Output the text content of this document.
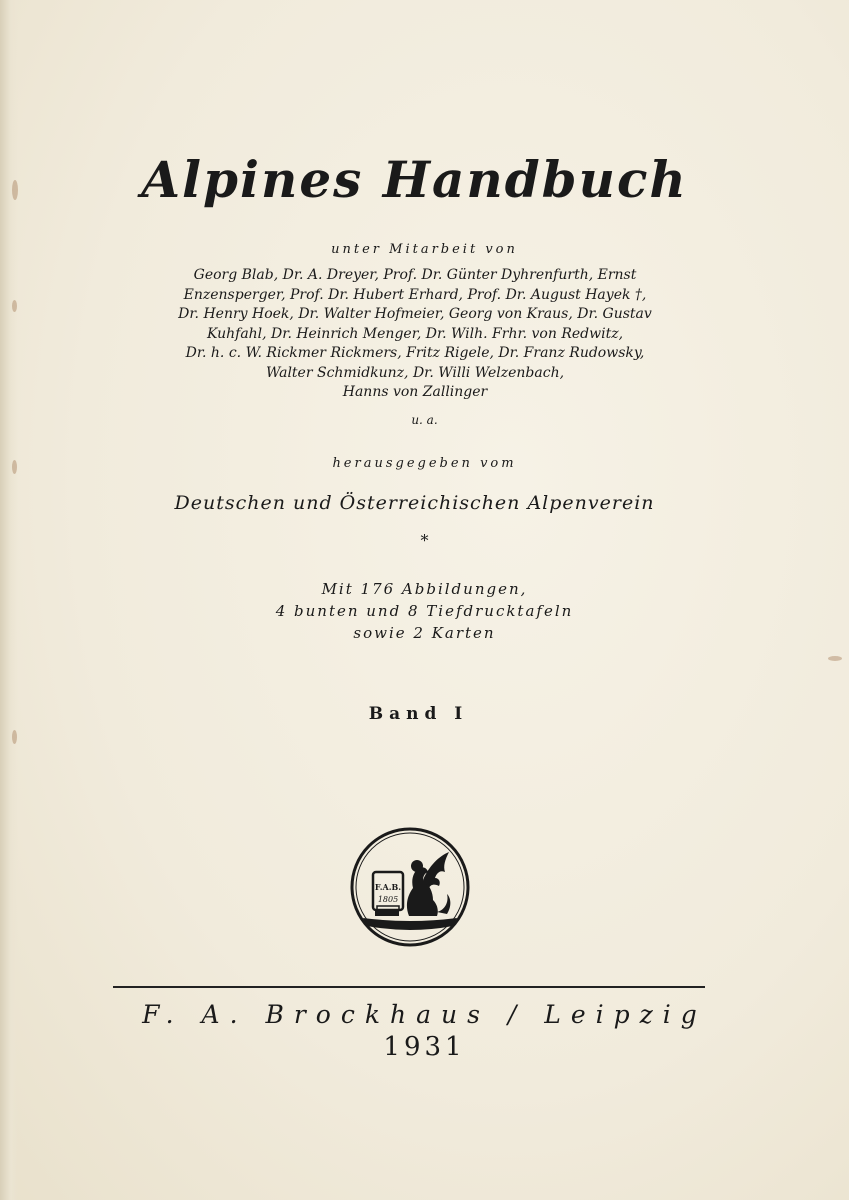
Alpines Handbuch
unter Mitarbeit von
Georg Blab, Dr. A. Dreyer, Prof. Dr. Günter Dyhrenfurth, Ernst
Enzensperger, Prof. Dr. Hubert Erhard, Prof. Dr. August Hayek †,
Dr. Henry Hoek, Dr. Walter Hofmeier, Georg von Kraus, Dr. Gustav
Kuhfahl, Dr. Heinrich Menger, Dr. Wilh. Frhr. von Redwitz,
Dr. h. c. W. Rickmer Rickmers, Fritz Rigele, Dr. Franz Rudowsky,
Walter Schmidkunz, Dr. Willi Welzenbach,
Hanns von Zallinger
u. a.
herausgegeben vom
Deutschen und Österreichischen Alpenverein
*
Mit 176 Abbildungen,
4 bunten und 8 Tiefdrucktafeln
sowie 2 Karten
Band I
F.A.B.
1805
F. A. Brockhaus / Leipzig
1931
